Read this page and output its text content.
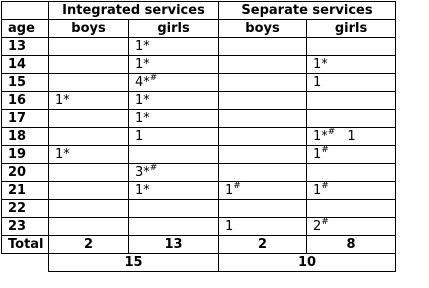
	Integrated services		Separate services	
age	boys	girls	boys	girls
13		1*		
14		1*		1*
15		4*#		1
16	1*	1*		
17		1*		
18		1		1*# 1
19	1*			1#
20		3*#		
21		1*	1#	1#
22				
23			1	2#
Total	2	13	2	8
	15		10	
